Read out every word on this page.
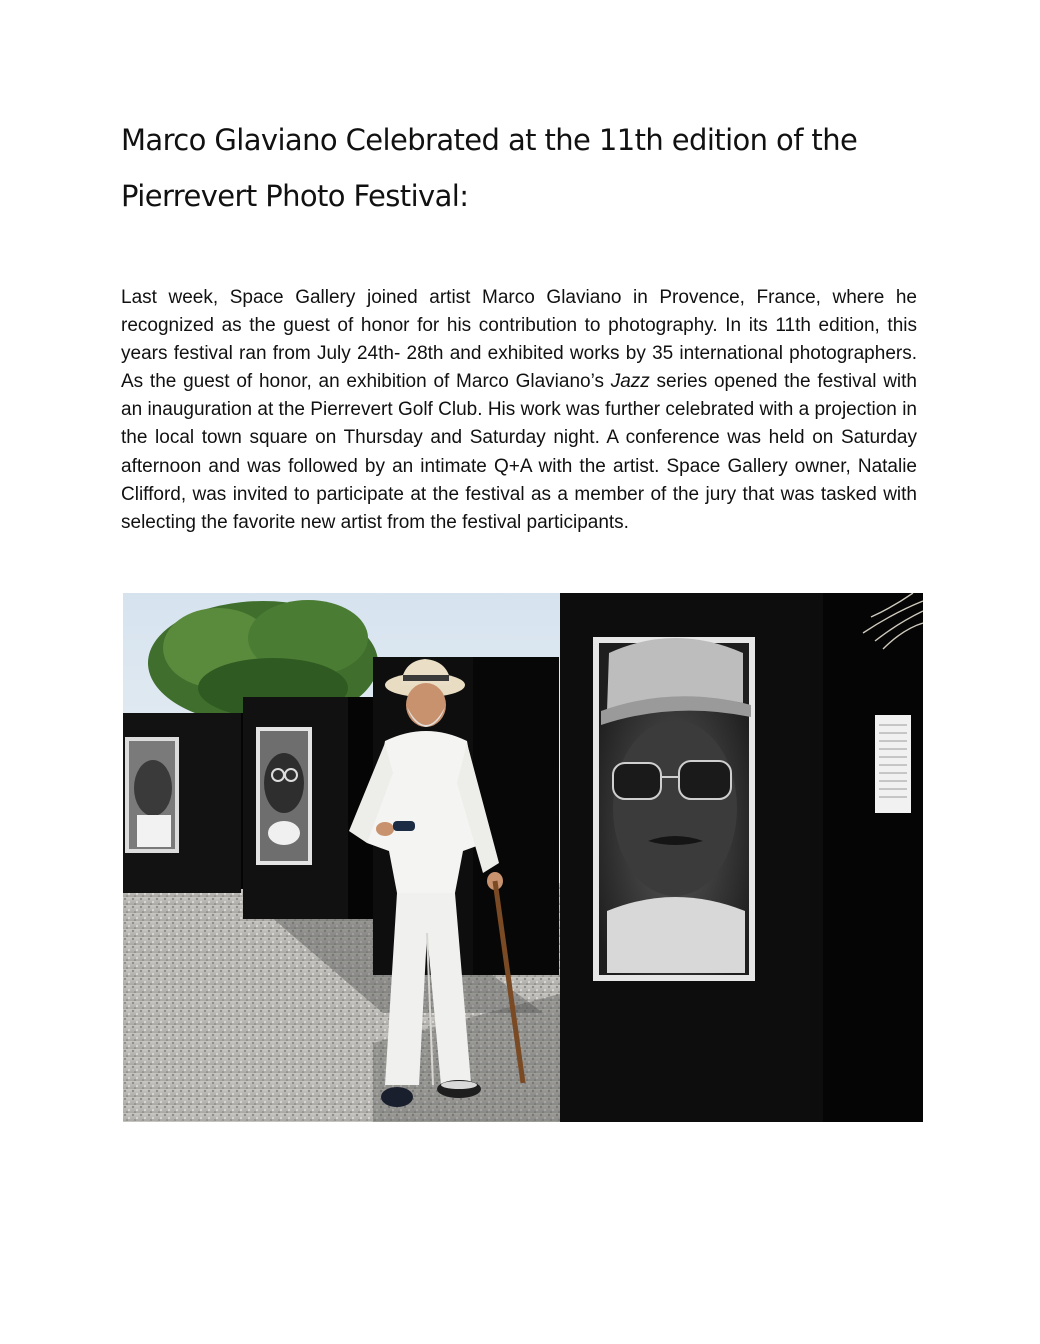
Marco Glaviano Celebrated at the 11th edition of the Pierrevert Photo Festival:

Last week, Space Gallery joined artist Marco Glaviano in Provence, France, where he recognized as the guest of honor for his contribution to photography. In its 11th edition, this years festival ran from July 24th- 28th and exhibited works by 35 international photographers. As the guest of honor, an exhibition of Marco Glaviano’s Jazz series opened the festival with an inauguration at the Pierrevert Golf Club. His work was further celebrated with a projection in the local town square on Thursday and Saturday night. A conference was held on Saturday afternoon and was followed by an intimate Q+A with the artist. Space Gallery owner, Natalie Clifford, was invited to participate at the festival as a member of the jury that was tasked with selecting the favorite new artist from the festival participants.
